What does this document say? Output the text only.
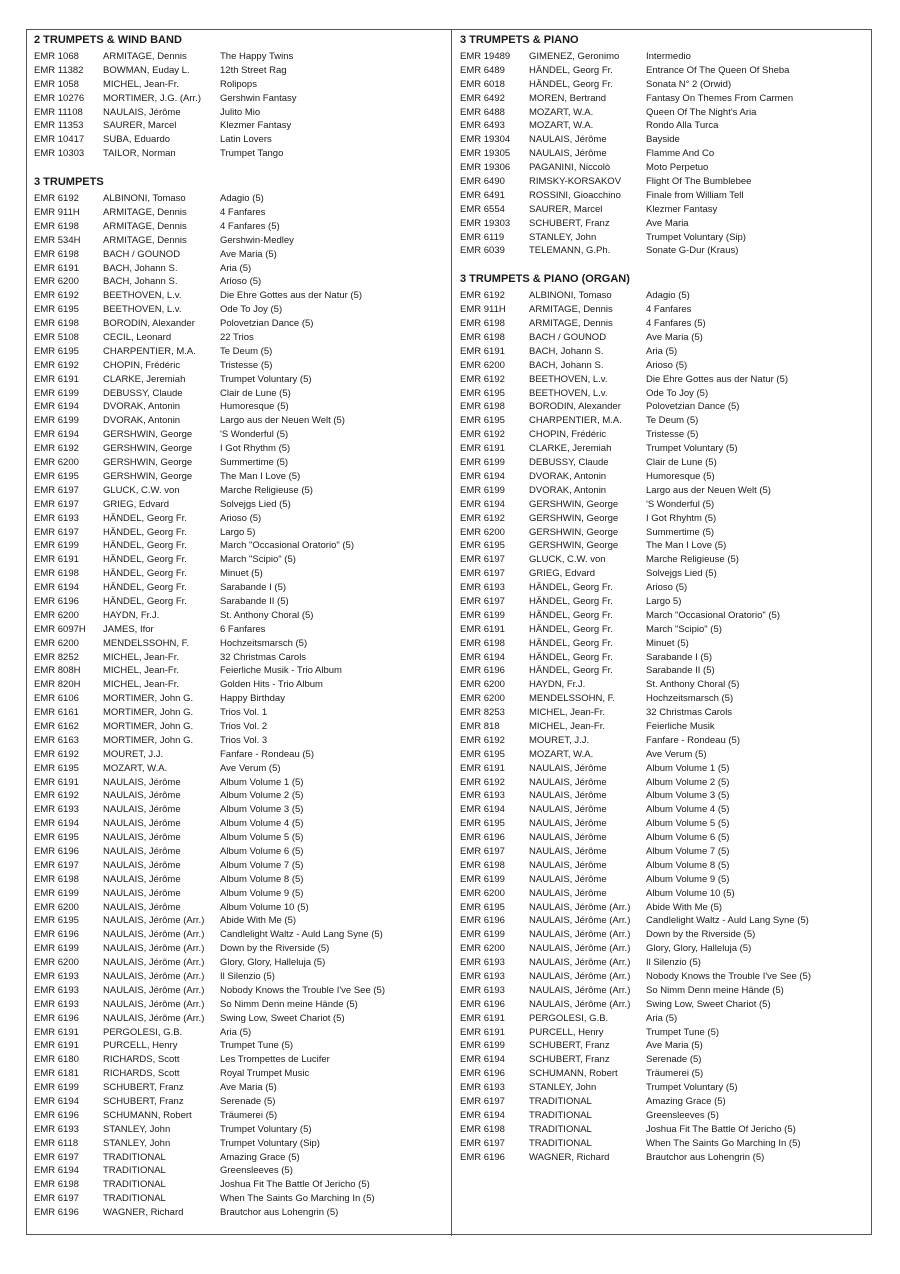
2 TRUMPETS & WIND BAND
EMR 1068	ARMITAGE, Dennis	The Happy Twins
EMR 11382	BOWMAN, Euday L.	12th Street Rag
EMR 1058	MICHEL, Jean-Fr.	Rolipops
EMR 10276	MORTIMER, J.G. (Arr.)	Gershwin Fantasy
EMR 11108	NAULAIS, Jérôme	Julito Mio
EMR 11353	SAURER, Marcel	Klezmer Fantasy
EMR 10417	SUBA, Eduardo	Latin Lovers
EMR 10303	TAILOR, Norman	Trumpet Tango
3 TRUMPETS
EMR 6192	ALBINONI, Tomaso	Adagio (5)
EMR 911H	ARMITAGE, Dennis	4 Fanfares
EMR 6198	ARMITAGE, Dennis	4 Fanfares (5)
EMR 534H	ARMITAGE, Dennis	Gershwin-Medley
EMR 6198	BACH / GOUNOD	Ave Maria (5)
EMR 6191	BACH, Johann S.	Aria (5)
EMR 6200	BACH, Johann S.	Arioso (5)
EMR 6192	BEETHOVEN, L.v.	Die Ehre Gottes aus der Natur (5)
EMR 6195	BEETHOVEN, L.v.	Ode To Joy (5)
EMR 6198	BORODIN, Alexander	Polovetzian Dance (5)
EMR 5108	CECIL, Leonard	22 Trios
EMR 6195	CHARPENTIER, M.A.	Te Deum (5)
EMR 6192	CHOPIN, Frédéric	Tristesse (5)
EMR 6191	CLARKE, Jeremiah	Trumpet Voluntary (5)
EMR 6199	DEBUSSY, Claude	Clair de Lune (5)
EMR 6194	DVORAK, Antonin	Humoresque (5)
EMR 6199	DVORAK, Antonin	Largo aus der Neuen Welt (5)
EMR 6194	GERSHWIN, George	'S Wonderful (5)
EMR 6192	GERSHWIN, George	I Got Rhythm (5)
EMR 6200	GERSHWIN, George	Summertime (5)
EMR 6195	GERSHWIN, George	The Man I Love (5)
EMR 6197	GLUCK, C.W. von	Marche Religieuse (5)
EMR 6197	GRIEG, Edvard	Solvejgs Lied (5)
EMR 6193	HÄNDEL, Georg Fr.	Arioso (5)
EMR 6197	HÄNDEL, Georg Fr.	Largo 5)
EMR 6199	HÄNDEL, Georg Fr.	March "Occasional Oratorio" (5)
EMR 6191	HÄNDEL, Georg Fr.	March "Scipio" (5)
EMR 6198	HÄNDEL, Georg Fr.	Minuet (5)
EMR 6194	HÄNDEL, Georg Fr.	Sarabande I (5)
EMR 6196	HÄNDEL, Georg Fr.	Sarabande II (5)
EMR 6200	HAYDN, Fr.J.	St. Anthony Choral (5)
EMR 6097H	JAMES, Ifor	6 Fanfares
EMR 6200	MENDELSSOHN, F.	Hochzeitsmarsch (5)
EMR 8252	MICHEL, Jean-Fr.	32 Christmas Carols
EMR 808H	MICHEL, Jean-Fr.	Feierliche Musik - Trio Album
EMR 820H	MICHEL, Jean-Fr.	Golden Hits - Trio Album
EMR 6106	MORTIMER, John G.	Happy Birthday
EMR 6161	MORTIMER, John G.	Trios Vol. 1
EMR 6162	MORTIMER, John G.	Trios Vol. 2
EMR 6163	MORTIMER, John G.	Trios Vol. 3
EMR 6192	MOURET, J.J.	Fanfare - Rondeau (5)
EMR 6195	MOZART, W.A.	Ave Verum (5)
EMR 6191	NAULAIS, Jérôme	Album Volume 1 (5)
EMR 6192	NAULAIS, Jérôme	Album Volume 2 (5)
EMR 6193	NAULAIS, Jérôme	Album Volume 3 (5)
EMR 6194	NAULAIS, Jérôme	Album Volume 4 (5)
EMR 6195	NAULAIS, Jérôme	Album Volume 5 (5)
EMR 6196	NAULAIS, Jérôme	Album Volume 6 (5)
EMR 6197	NAULAIS, Jérôme	Album Volume 7 (5)
EMR 6198	NAULAIS, Jérôme	Album Volume 8 (5)
EMR 6199	NAULAIS, Jérôme	Album Volume 9 (5)
EMR 6200	NAULAIS, Jérôme	Album Volume 10 (5)
EMR 6195	NAULAIS, Jérôme (Arr.)	Abide With Me (5)
EMR 6196	NAULAIS, Jérôme (Arr.)	Candlelight Waltz - Auld Lang Syne (5)
EMR 6199	NAULAIS, Jérôme (Arr.)	Down by the Riverside (5)
EMR 6200	NAULAIS, Jérôme (Arr.)	Glory, Glory, Halleluja (5)
EMR 6193	NAULAIS, Jérôme (Arr.)	Il Silenzio (5)
EMR 6193	NAULAIS, Jérôme (Arr.)	Nobody Knows the Trouble I've See (5)
EMR 6193	NAULAIS, Jérôme (Arr.)	So Nimm Denn meine Hände (5)
EMR 6196	NAULAIS, Jérôme (Arr.)	Swing Low, Sweet Chariot (5)
EMR 6191	PERGOLESI, G.B.	Aria (5)
EMR 6191	PURCELL, Henry	Trumpet Tune (5)
EMR 6180	RICHARDS, Scott	Les Trompettes de Lucifer
EMR 6181	RICHARDS, Scott	Royal Trumpet Music
EMR 6199	SCHUBERT, Franz	Ave Maria (5)
EMR 6194	SCHUBERT, Franz	Serenade (5)
EMR 6196	SCHUMANN, Robert	Träumerei (5)
EMR 6193	STANLEY, John	Trumpet Voluntary (5)
EMR 6118	STANLEY, John	Trumpet Voluntary (Sip)
EMR 6197	TRADITIONAL	Amazing Grace (5)
EMR 6194	TRADITIONAL	Greensleeves (5)
EMR 6198	TRADITIONAL	Joshua Fit The Battle Of Jericho (5)
EMR 6197	TRADITIONAL	When The Saints Go Marching In (5)
EMR 6196	WAGNER, Richard	Brautchor aus Lohengrin (5)
3 TRUMPETS & PIANO
EMR 19489	GIMENEZ, Geronimo	Intermedio
EMR 6489	HÄNDEL, Georg Fr.	Entrance Of The Queen Of Sheba
EMR 6018	HÄNDEL, Georg Fr.	Sonata N° 2 (Orwid)
EMR 6492	MOREN, Bertrand	Fantasy On Themes From Carmen
EMR 6488	MOZART, W.A.	Queen Of The Night's Aria
EMR 6493	MOZART, W.A.	Rondo Alla Turca
EMR 19304	NAULAIS, Jérôme	Bayside
EMR 19305	NAULAIS, Jérôme	Flamme And Co
EMR 19306	PAGANINI, Niccolò	Moto Perpetuo
EMR 6490	RIMSKY-KORSAKOV	Flight Of The Bumblebee
EMR 6491	ROSSINI, Gioacchino	Finale from William Tell
EMR 6554	SAURER, Marcel	Klezmer Fantasy
EMR 19303	SCHUBERT, Franz	Ave Maria
EMR 6119	STANLEY, John	Trumpet Voluntary (Sip)
EMR 6039	TELEMANN, G.Ph.	Sonate G-Dur (Kraus)
3 TRUMPETS & PIANO (ORGAN)
EMR 6192	ALBINONI, Tomaso	Adagio (5)
EMR 911H	ARMITAGE, Dennis	4 Fanfares
EMR 6198	ARMITAGE, Dennis	4 Fanfares (5)
EMR 6198	BACH / GOUNOD	Ave Maria (5)
EMR 6191	BACH, Johann S.	Aria (5)
EMR 6200	BACH, Johann S.	Arioso (5)
EMR 6192	BEETHOVEN, L.v.	Die Ehre Gottes aus der Natur (5)
EMR 6195	BEETHOVEN, L.v.	Ode To Joy (5)
EMR 6198	BORODIN, Alexander	Polovetzian Dance (5)
EMR 6195	CHARPENTIER, M.A.	Te Deum (5)
EMR 6192	CHOPIN, Frédéric	Tristesse (5)
EMR 6191	CLARKE, Jeremiah	Trumpet Voluntary (5)
EMR 6199	DEBUSSY, Claude	Clair de Lune (5)
EMR 6194	DVORAK, Antonin	Humoresque (5)
EMR 6199	DVORAK, Antonin	Largo aus der Neuen Welt (5)
EMR 6194	GERSHWIN, George	'S Wonderful (5)
EMR 6192	GERSHWIN, George	I Got Rhyhtm (5)
EMR 6200	GERSHWIN, George	Summertime (5)
EMR 6195	GERSHWIN, George	The Man I Love (5)
EMR 6197	GLUCK, C.W. von	Marche Religieuse (5)
EMR 6197	GRIEG, Edvard	Solvejgs Lied (5)
EMR 6193	HÄNDEL, Georg Fr.	Arioso (5)
EMR 6197	HÄNDEL, Georg Fr.	Largo 5)
EMR 6199	HÄNDEL, Georg Fr.	March "Occasional Oratorio" (5)
EMR 6191	HÄNDEL, Georg Fr.	March "Scipio" (5)
EMR 6198	HÄNDEL, Georg Fr.	Minuet (5)
EMR 6194	HÄNDEL, Georg Fr.	Sarabande I (5)
EMR 6196	HÄNDEL, Georg Fr.	Sarabande II (5)
EMR 6200	HAYDN, Fr.J.	St. Anthony Choral (5)
EMR 6200	MENDELSSOHN, F.	Hochzeitsmarsch (5)
EMR 8253	MICHEL, Jean-Fr.	32 Christmas Carols
EMR 818	MICHEL, Jean-Fr.	Feierliche Musik
EMR 6192	MOURET, J.J.	Fanfare - Rondeau (5)
EMR 6195	MOZART, W.A.	Ave Verum (5)
EMR 6191	NAULAIS, Jérôme	Album Volume 1 (5)
EMR 6192	NAULAIS, Jérôme	Album Volume 2 (5)
EMR 6193	NAULAIS, Jérôme	Album Volume 3 (5)
EMR 6194	NAULAIS, Jérôme	Album Volume 4 (5)
EMR 6195	NAULAIS, Jérôme	Album Volume 5 (5)
EMR 6196	NAULAIS, Jérôme	Album Volume 6 (5)
EMR 6197	NAULAIS, Jérôme	Album Volume 7 (5)
EMR 6198	NAULAIS, Jérôme	Album Volume 8 (5)
EMR 6199	NAULAIS, Jérôme	Album Volume 9 (5)
EMR 6200	NAULAIS, Jérôme	Album Volume 10 (5)
EMR 6195	NAULAIS, Jérôme (Arr.)	Abide With Me (5)
EMR 6196	NAULAIS, Jérôme (Arr.)	Candlelight Waltz - Auld Lang Syne (5)
EMR 6199	NAULAIS, Jérôme (Arr.)	Down by the Riverside (5)
EMR 6200	NAULAIS, Jérôme (Arr.)	Glory, Glory, Halleluja (5)
EMR 6193	NAULAIS, Jérôme (Arr.)	Il Silenzio (5)
EMR 6193	NAULAIS, Jérôme (Arr.)	Nobody Knows the Trouble I've See (5)
EMR 6193	NAULAIS, Jérôme (Arr.)	So Nimm Denn meine Hände (5)
EMR 6196	NAULAIS, Jérôme (Arr.)	Swing Low, Sweet Chariot (5)
EMR 6191	PERGOLESI, G.B.	Aria (5)
EMR 6191	PURCELL, Henry	Trumpet Tune (5)
EMR 6199	SCHUBERT, Franz	Ave Maria (5)
EMR 6194	SCHUBERT, Franz	Serenade (5)
EMR 6196	SCHUMANN, Robert	Träumerei (5)
EMR 6193	STANLEY, John	Trumpet Voluntary (5)
EMR 6197	TRADITIONAL	Amazing Grace (5)
EMR 6194	TRADITIONAL	Greensleeves (5)
EMR 6198	TRADITIONAL	Joshua Fit The Battle Of Jericho (5)
EMR 6197	TRADITIONAL	When The Saints Go Marching In (5)
EMR 6196	WAGNER, Richard	Brautchor aus Lohengrin (5)
